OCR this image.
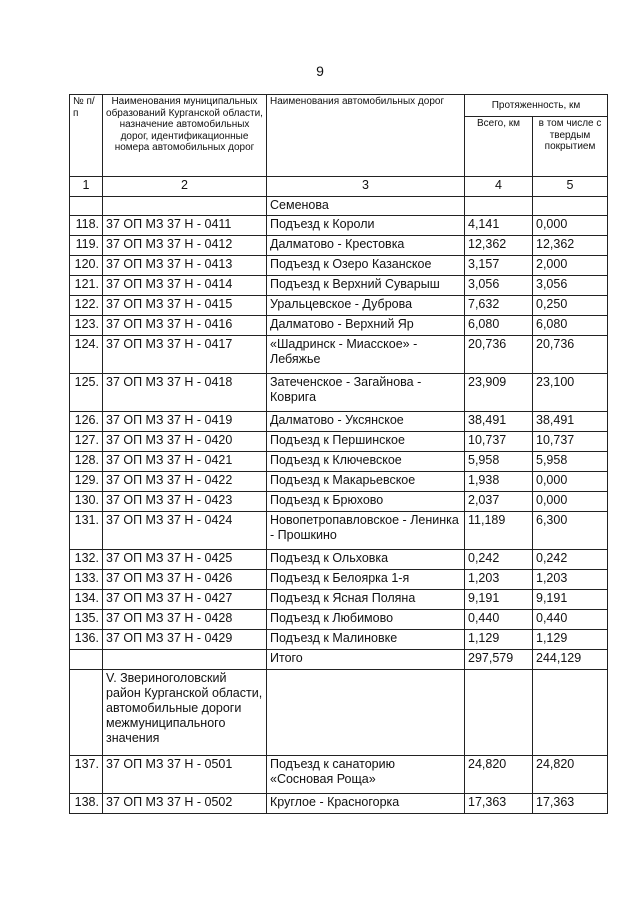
9
№ п/п	Наименования муниципальных образований Курганской области, назначение автомобильных дорог, идентификационные номера автомобильных дорог	Наименования автомобильных дорог	Протяженность, км	
			Всего, км	в том числе с твердым покрытием
1	2	3	4	5
		Семенова		
118.	37 ОП МЗ 37 Н - 0411	Подъезд к Короли	4,141	0,000
119.	37 ОП МЗ 37 Н - 0412	Далматово - Крестовка	12,362	12,362
120.	37 ОП МЗ 37 Н - 0413	Подъезд к Озеро Казанское	3,157	2,000
121.	37 ОП МЗ 37 Н - 0414	Подъезд к Верхний Суварыш	3,056	3,056
122.	37 ОП МЗ 37 Н - 0415	Уральцевское - Дуброва	7,632	0,250
123.	37 ОП МЗ 37 Н - 0416	Далматово - Верхний Яр	6,080	6,080
124.	37 ОП МЗ 37 Н - 0417	«Шадринск - Миасское» - Лебяжье	20,736	20,736
125.	37 ОП МЗ 37 Н - 0418	Затеченское - Загайнова - Коврига	23,909	23,100
126.	37 ОП МЗ 37 Н - 0419	Далматово - Уксянское	38,491	38,491
127.	37 ОП МЗ 37 Н - 0420	Подъезд к Першинское	10,737	10,737
128.	37 ОП МЗ 37 Н - 0421	Подъезд к Ключевское	5,958	5,958
129.	37 ОП МЗ 37 Н - 0422	Подъезд к Макарьевское	1,938	0,000
130.	37 ОП МЗ 37 Н - 0423	Подъезд к Брюхово	2,037	0,000
131.	37 ОП МЗ 37 Н - 0424	Новопетропавловское - Ленинка - Прошкино	11,189	6,300
132.	37 ОП МЗ 37 Н - 0425	Подъезд к Ольховка	0,242	0,242
133.	37 ОП МЗ 37 Н - 0426	Подъезд к Белоярка 1-я	1,203	1,203
134.	37 ОП МЗ 37 Н - 0427	Подъезд к Ясная Поляна	9,191	9,191
135.	37 ОП МЗ 37 Н - 0428	Подъезд к Любимово	0,440	0,440
136.	37 ОП МЗ 37 Н - 0429	Подъезд к Малиновке	1,129	1,129
		Итого	297,579	244,129
	V. Звериноголовский район Курганской области, автомобильные дороги межмуниципального значения			
137.	37 ОП МЗ 37 Н - 0501	Подъезд к санаторию «Сосновая Роща»	24,820	24,820
138.	37 ОП МЗ 37 Н - 0502	Круглое - Красногорка	17,363	17,363
